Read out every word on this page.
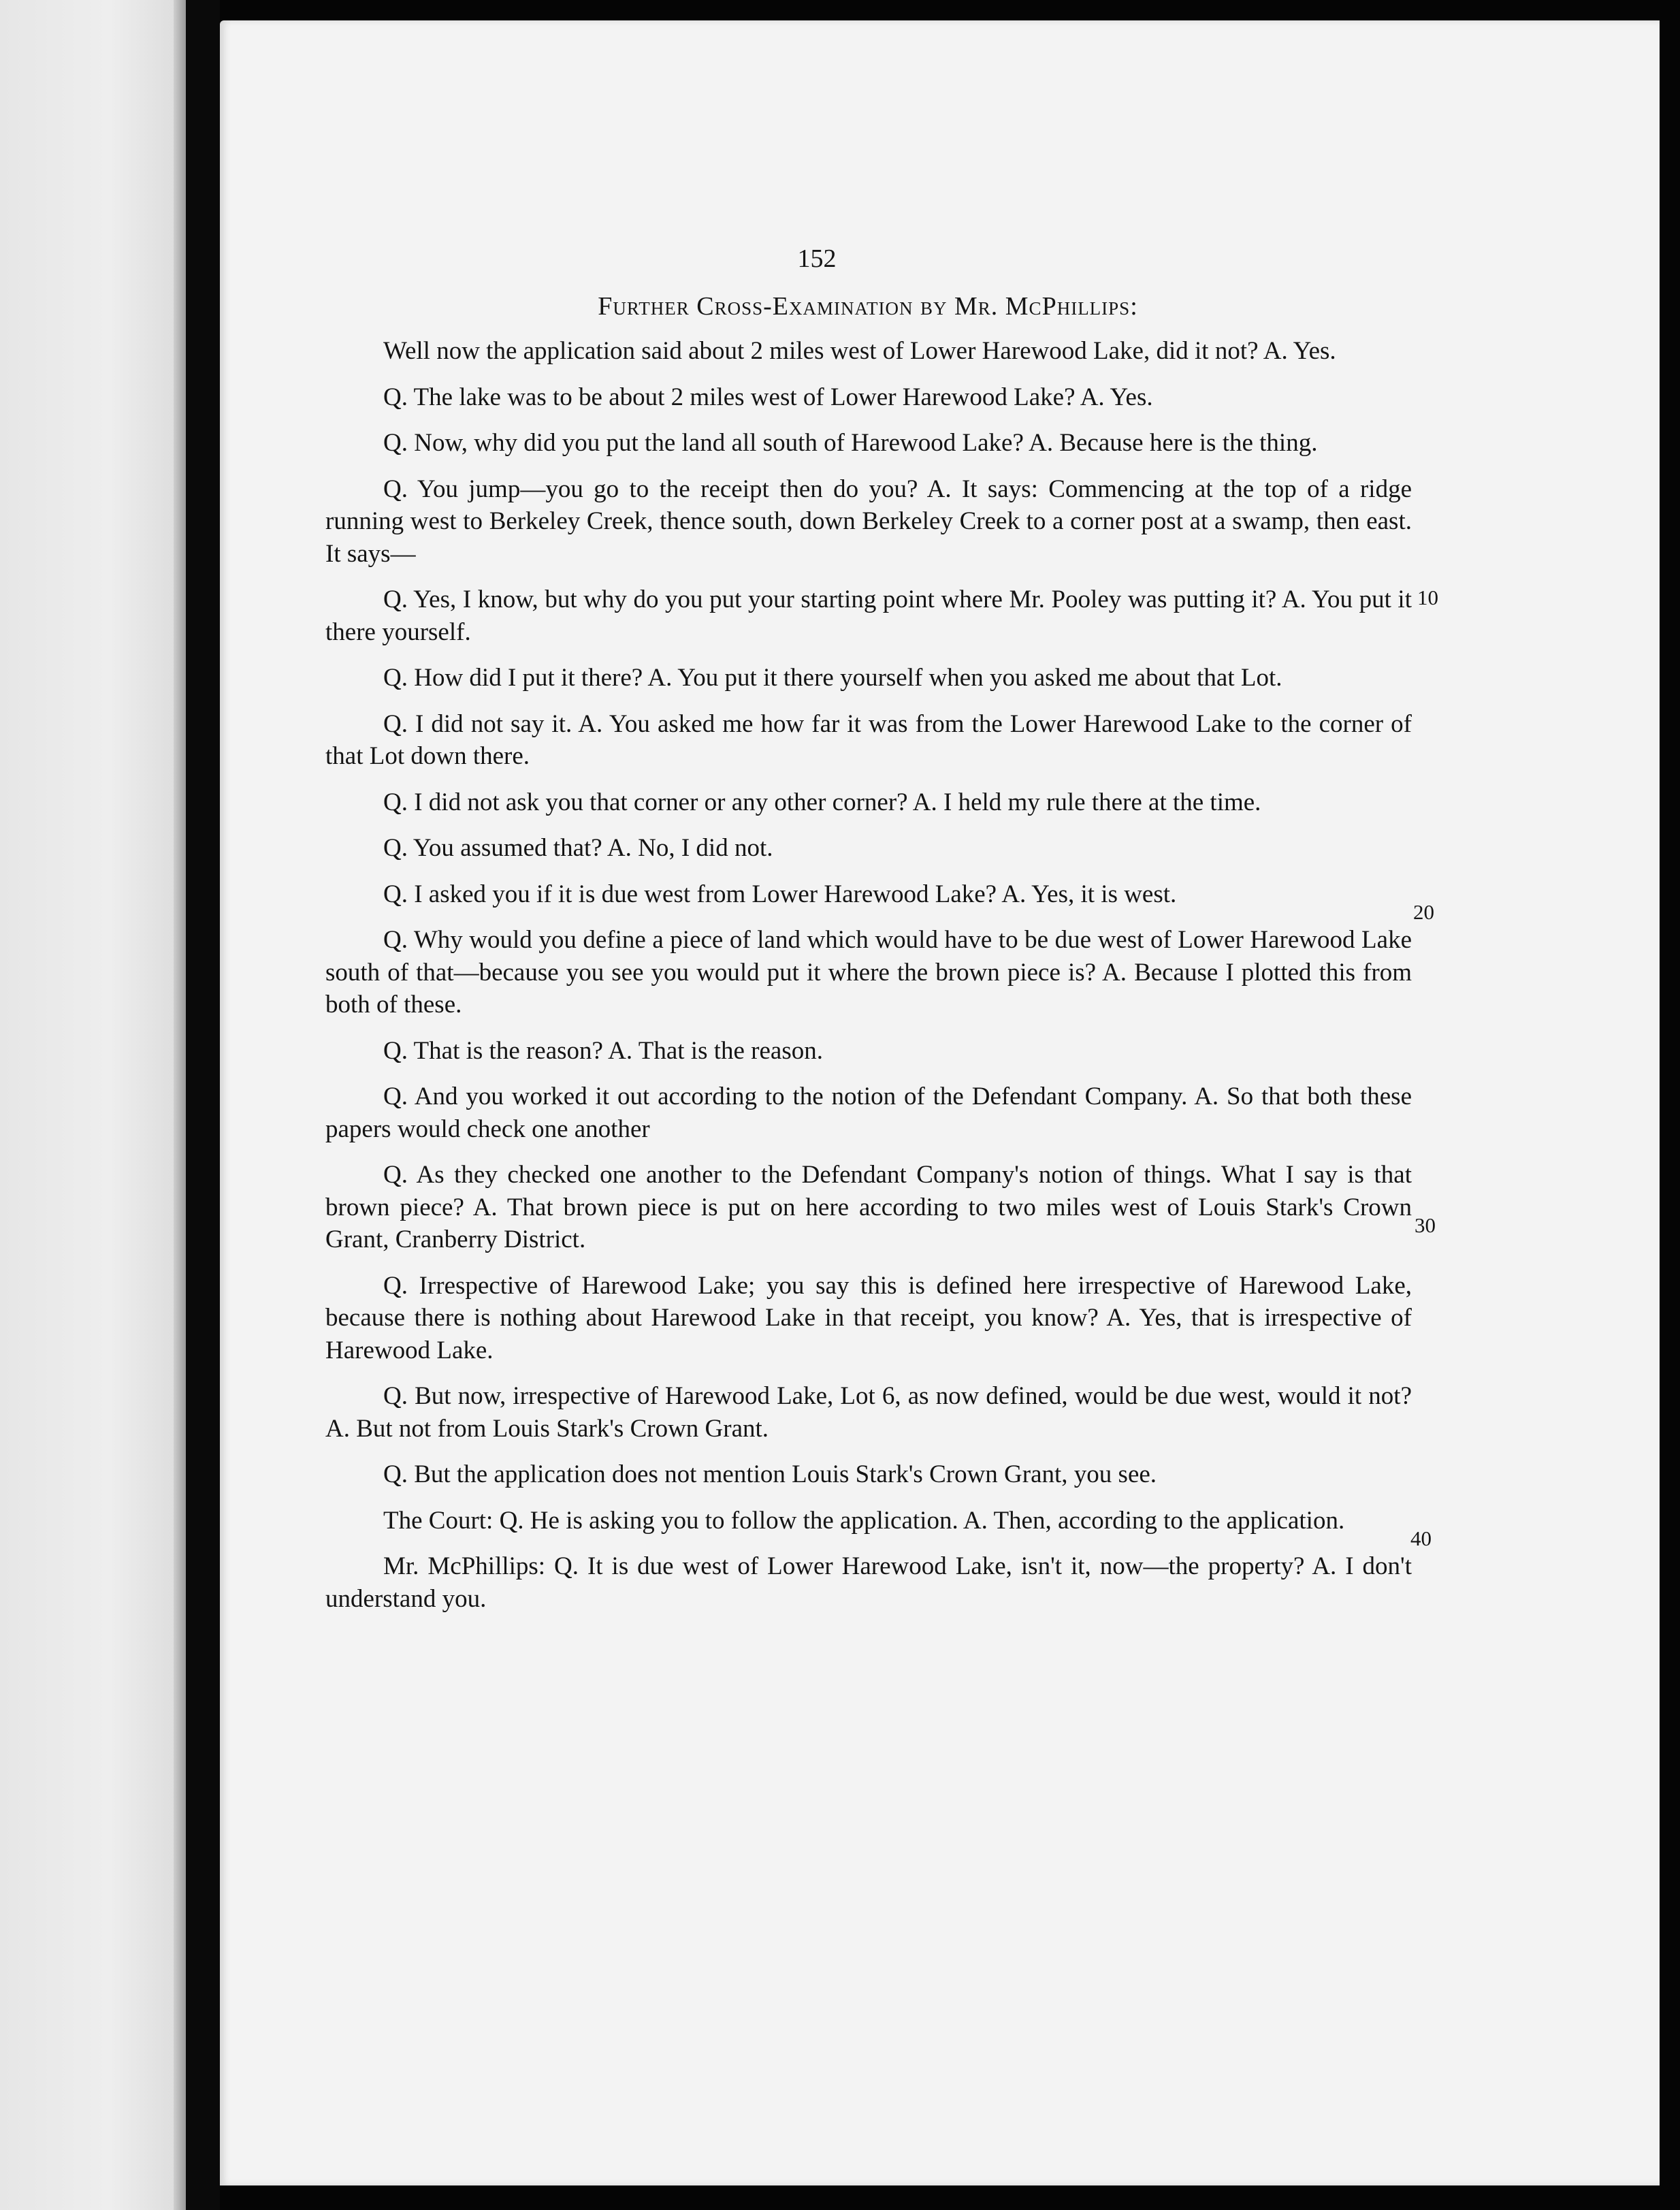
152
Further Cross-Examination by Mr. McPhillips:

Well now the application said about 2 miles west of Lower Harewood Lake, did it not? A. Yes.

Q. The lake was to be about 2 miles west of Lower Harewood Lake? A. Yes.

Q. Now, why did you put the land all south of Harewood Lake? A. Because here is the thing.

Q. You jump—you go to the receipt then do you? A. It says: Commencing at the top of a ridge running west to Berkeley Creek, thence south, down Berkeley Creek to a corner post at a swamp, then east. It says—

Q. Yes, I know, but why do you put your starting point where Mr. Pooley was putting it? A. You put it there yourself.

Q. How did I put it there? A. You put it there yourself when you asked me about that Lot.

Q. I did not say it. A. You asked me how far it was from the Lower Harewood Lake to the corner of that Lot down there.

Q. I did not ask you that corner or any other corner? A. I held my rule there at the time.

Q. You assumed that? A. No, I did not.

Q. I asked you if it is due west from Lower Harewood Lake? A. Yes, it is west.

Q. Why would you define a piece of land which would have to be due west of Lower Harewood Lake south of that—because you see you would put it where the brown piece is? A. Because I plotted this from both of these.

Q. That is the reason? A. That is the reason.

Q. And you worked it out according to the notion of the Defendant Company. A. So that both these papers would check one another

Q. As they checked one another to the Defendant Company's notion of things. What I say is that brown piece? A. That brown piece is put on here according to two miles west of Louis Stark's Crown Grant, Cranberry District.

Q. Irrespective of Harewood Lake; you say this is defined here irrespective of Harewood Lake, because there is nothing about Harewood Lake in that receipt, you know? A. Yes, that is irrespective of Harewood Lake.

Q. But now, irrespective of Harewood Lake, Lot 6, as now defined, would be due west, would it not? A. But not from Louis Stark's Crown Grant.

Q. But the application does not mention Louis Stark's Crown Grant, you see.

The Court: Q. He is asking you to follow the application. A. Then, according to the application.

Mr. McPhillips: Q. It is due west of Lower Harewood Lake, isn't it, now—the property? A. I don't understand you.

10
20
30
40
